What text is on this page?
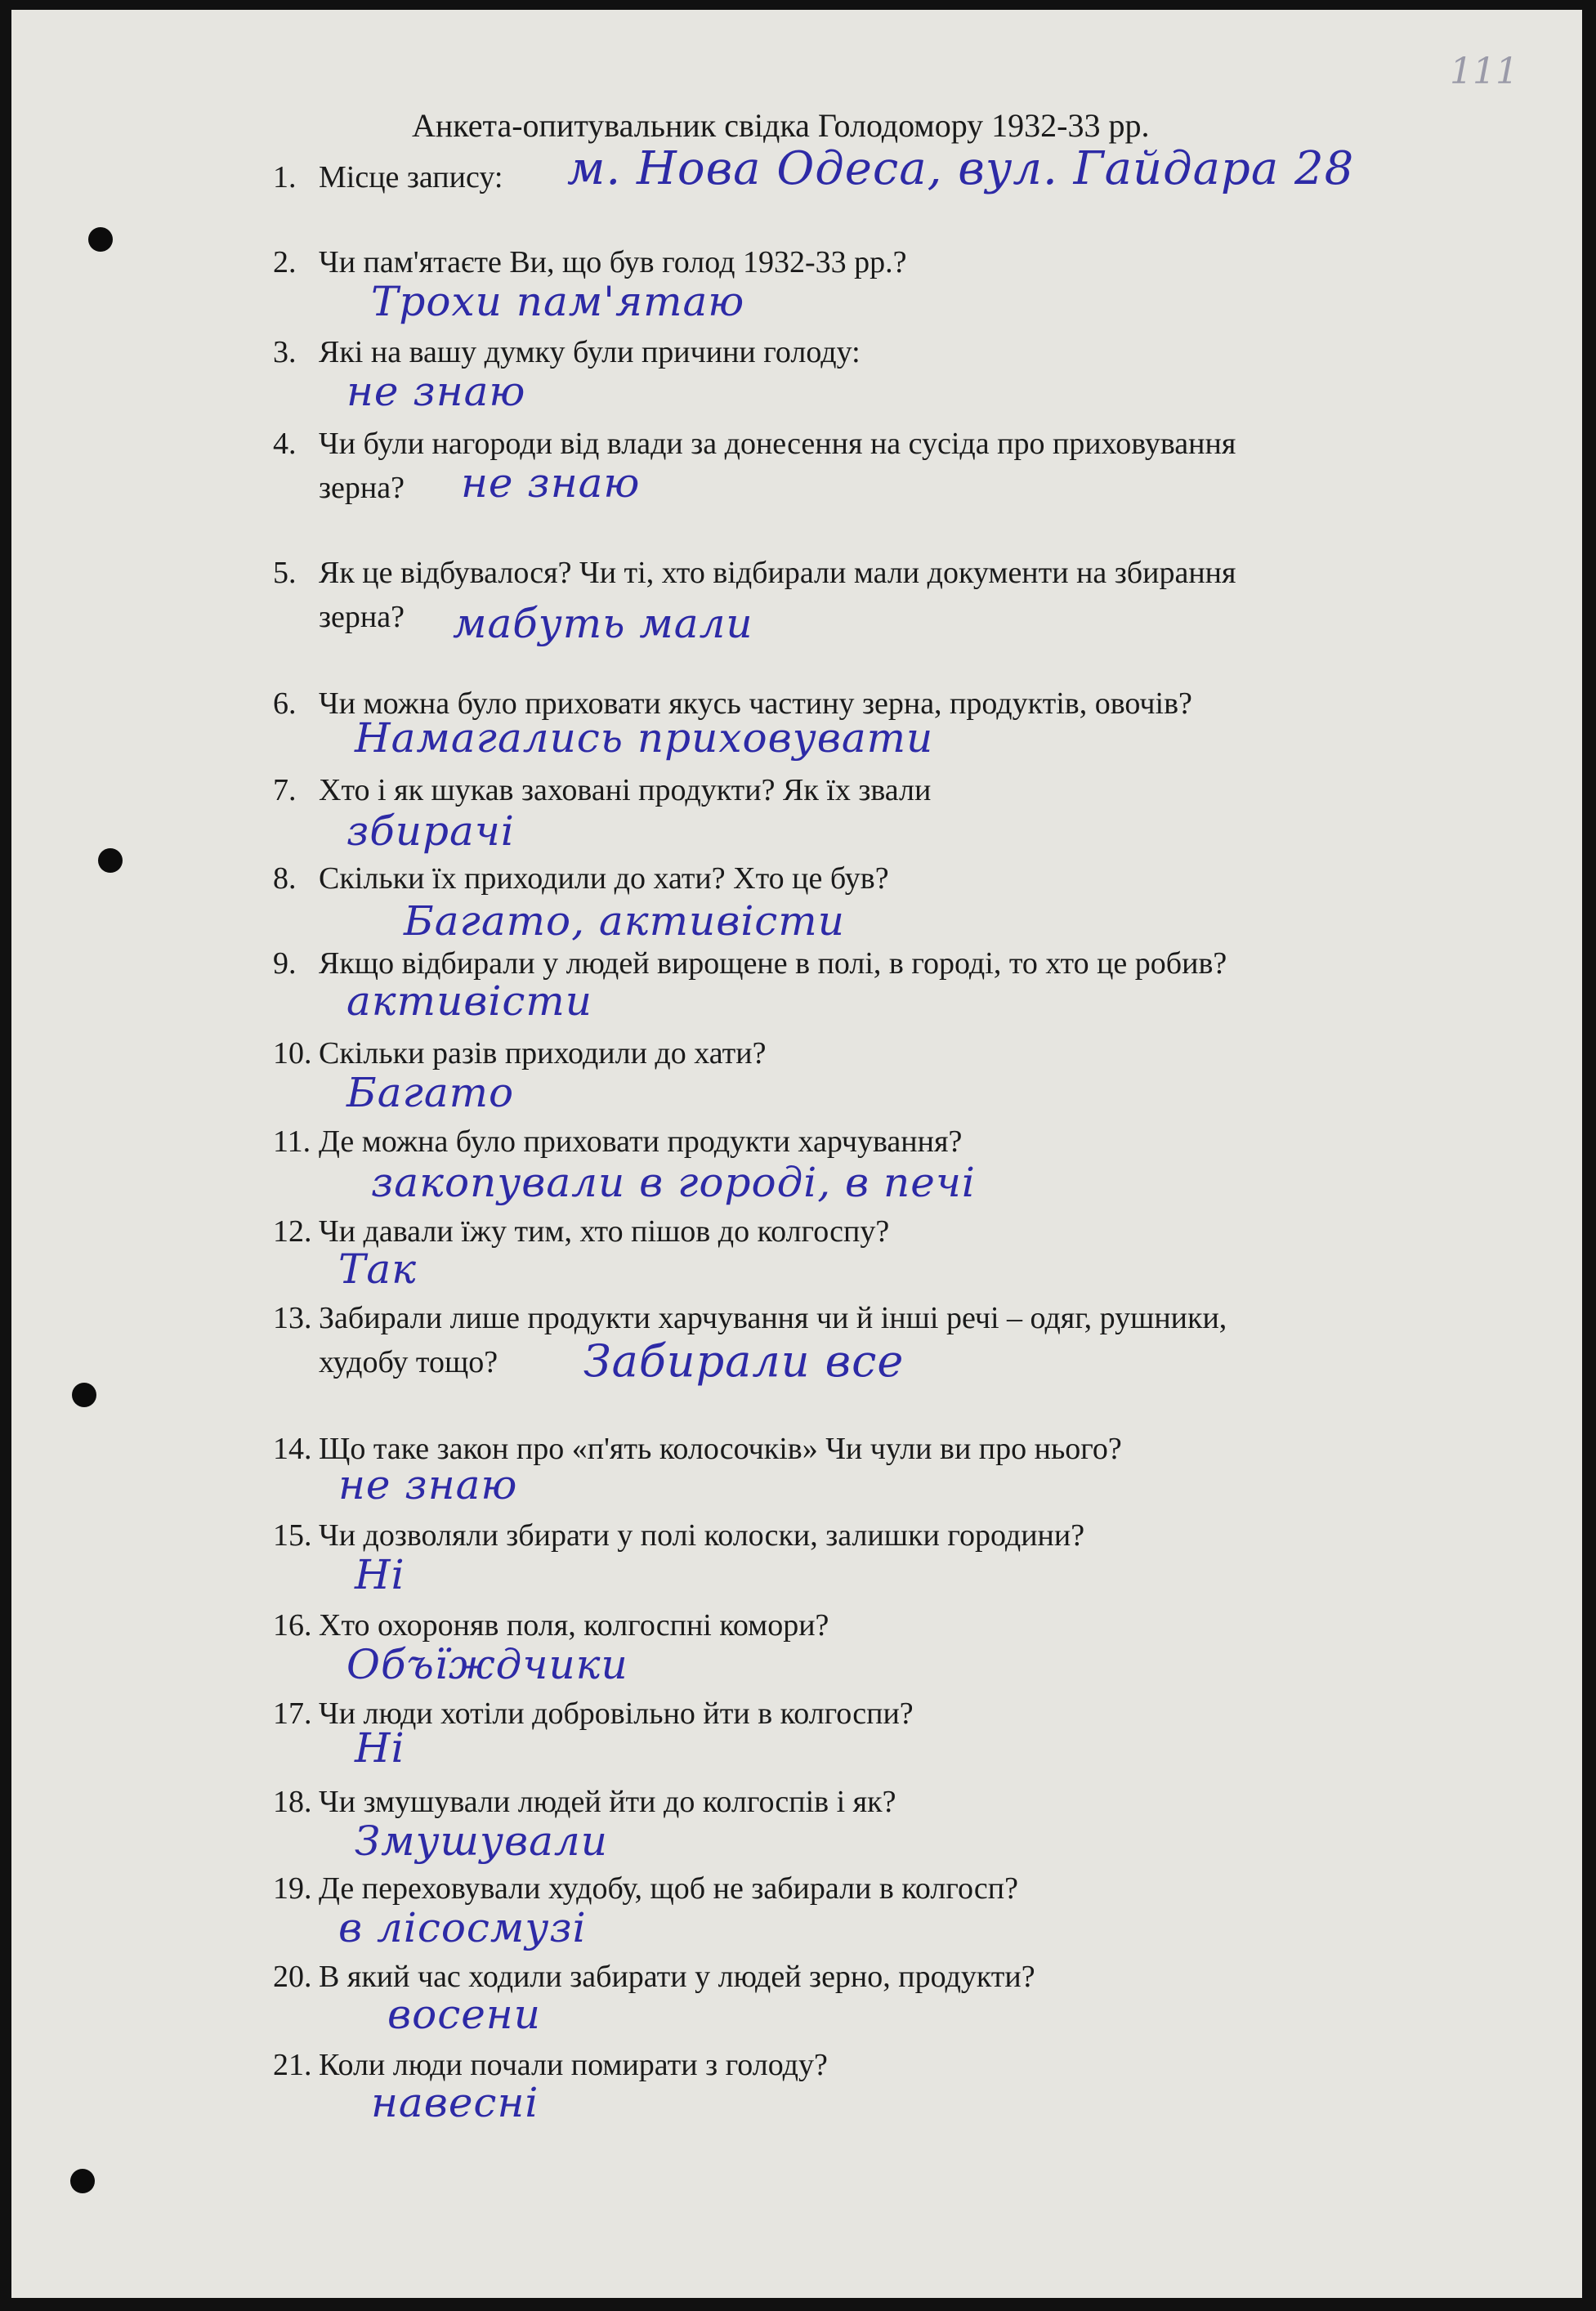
111
Анкета-опитувальник свідка Голодомору 1932-33 рр.
1. Місце запису:	м. Нова Одеса, вул. Гайдара 28
2. Чи пам'ятаєте Ви, що був голод 1932-33 рр.?
Трохи пам'ятаю
3. Які на вашу думку були причини голоду:
не знаю
4. Чи були нагороди від влади за донесення на сусіда про приховування
зерна?	не знаю
5. Як це відбувалося? Чи ті, хто відбирали мали документи на збирання
зерна?	мабуть мали
6. Чи можна було приховати якусь частину зерна, продуктів, овочів?
Намагались приховувати
7. Хто і як шукав заховані продукти? Як їх звали
збирачі
8. Скільки їх приходили до хати? Хто це був?
Багато, активісти
9. Якщо відбирали у людей вирощене в полі, в городі, то хто це робив?
активісти
10. Скільки разів приходили до хати?
Багато
11. Де можна було приховати продукти харчування?
закопували в городі, в печі
12. Чи давали їжу тим, хто пішов до колгоспу?
Так
13. Забирали лише продукти харчування чи й інші речі – одяг, рушники,
худобу тощо?	Забирали все
14. Що таке закон про «п'ять колосочків» Чи чули ви про нього?
не знаю
15. Чи дозволяли збирати у полі колоски, залишки городини?
Ні
16. Хто охороняв поля, колгоспні комори?
Объїждчики
17. Чи люди хотіли добровільно йти в колгоспи?
Ні
18. Чи змушували людей йти до колгоспів і як?
Змушували
19. Де переховували худобу, щоб не забирали в колгосп?
в лісосмузі
20. В який час ходили забирати у людей зерно, продукти?
восени
21. Коли люди почали помирати з голоду?
навесні
